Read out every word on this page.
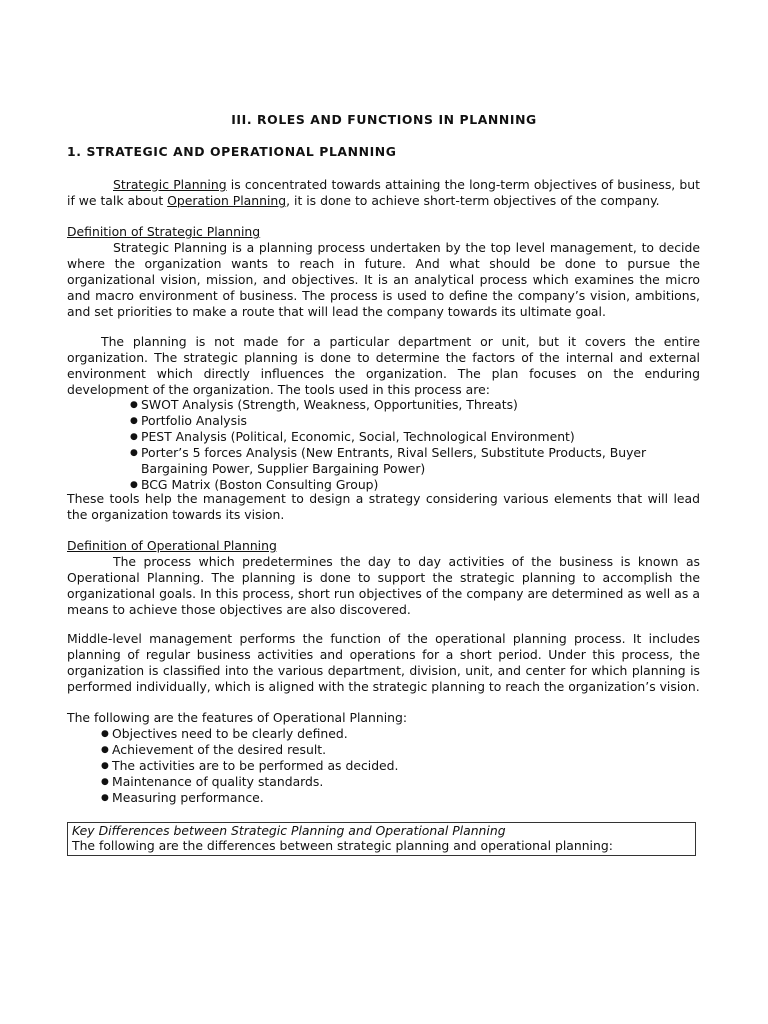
III. ROLES AND FUNCTIONS IN PLANNING
1. STRATEGIC AND OPERATIONAL PLANNING

Strategic Planning is concentrated towards attaining the long-term objectives of business, but if we talk about Operation Planning, it is done to achieve short-term objectives of the company.

Definition of Strategic Planning

Strategic Planning is a planning process undertaken by the top level management, to decide where the organization wants to reach in future. And what should be done to pursue the organizational vision, mission, and objectives. It is an analytical process which examines the micro and macro environment of business. The process is used to define the company’s vision, ambitions, and set priorities to make a route that will lead the company towards its ultimate goal.

The planning is not made for a particular department or unit, but it covers the entire organization. The strategic planning is done to determine the factors of the internal and external environment which directly influences the organization. The plan focuses on the enduring development of the organization. The tools used in this process are:

● SWOT Analysis (Strength, Weakness, Opportunities, Threats)
● Portfolio Analysis
● PEST Analysis (Political, Economic, Social, Technological Environment)
● Porter’s 5 forces Analysis (New Entrants, Rival Sellers, Substitute Products, Buyer Bargaining Power, Supplier Bargaining Power)
● BCG Matrix (Boston Consulting Group)

These tools help the management to design a strategy considering various elements that will lead the organization towards its vision.

Definition of Operational Planning

The process which predetermines the day to day activities of the business is known as Operational Planning. The planning is done to support the strategic planning to accomplish the organizational goals. In this process, short run objectives of the company are determined as well as a means to achieve those objectives are also discovered.

Middle-level management performs the function of the operational planning process. It includes planning of regular business activities and operations for a short period. Under this process, the organization is classified into the various department, division, unit, and center for which planning is performed individually, which is aligned with the strategic planning to reach the organization’s vision.

The following are the features of Operational Planning:

● Objectives need to be clearly defined.
● Achievement of the desired result.
● The activities are to be performed as decided.
● Maintenance of quality standards.
● Measuring performance.
Key Differences between Strategic Planning and Operational Planning
The following are the differences between strategic planning and operational planning:
